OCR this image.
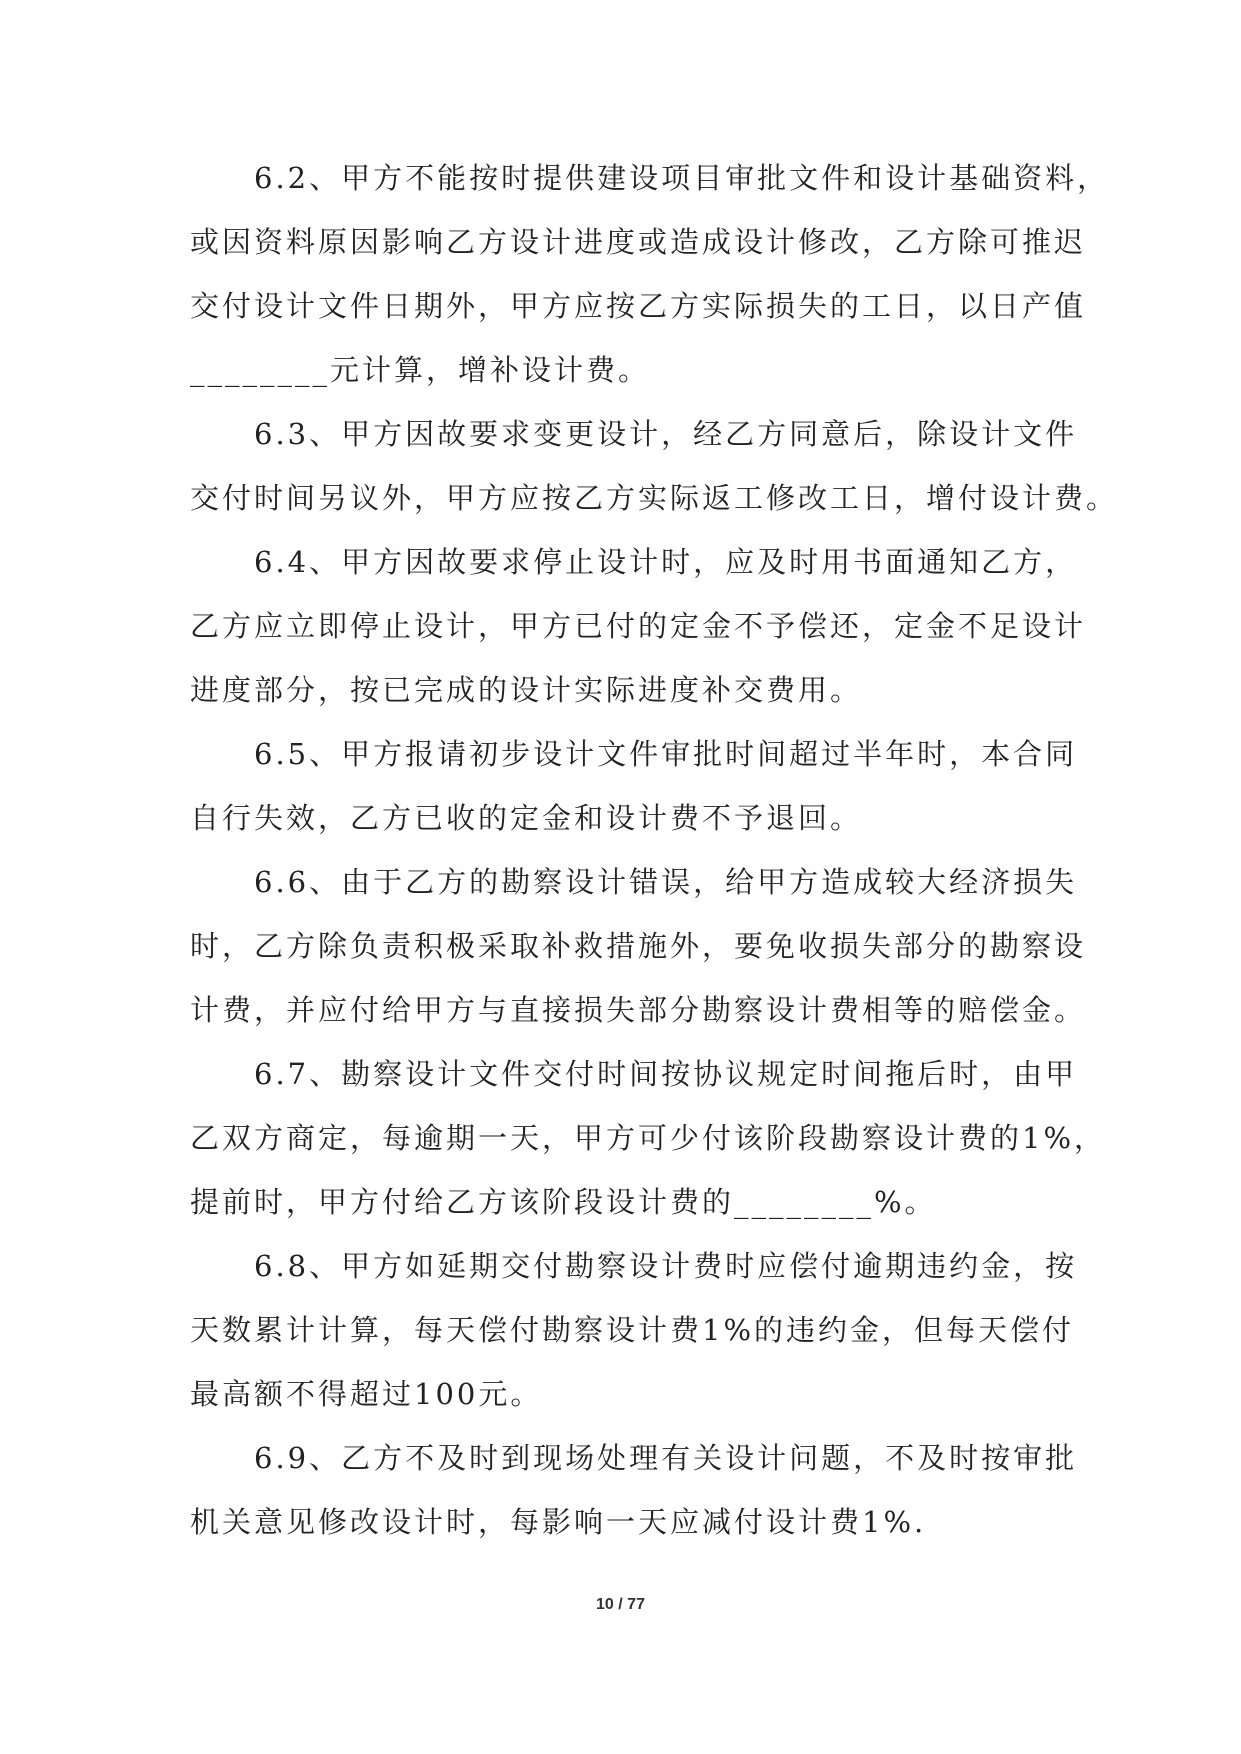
　　6.2、甲方不能按时提供建设项目审批文件和设计基础资料，
或因资料原因影响乙方设计进度或造成设计修改，乙方除可推迟
交付设计文件日期外，甲方应按乙方实际损失的工日，以日产值
________元计算，增补设计费。
　　6.3、甲方因故要求变更设计，经乙方同意后，除设计文件
交付时间另议外，甲方应按乙方实际返工修改工日，增付设计费。
　　6.4、甲方因故要求停止设计时，应及时用书面通知乙方，
乙方应立即停止设计，甲方已付的定金不予偿还，定金不足设计
进度部分，按已完成的设计实际进度补交费用。
　　6.5、甲方报请初步设计文件审批时间超过半年时，本合同
自行失效，乙方已收的定金和设计费不予退回。
　　6.6、由于乙方的勘察设计错误，给甲方造成较大经济损失
时，乙方除负责积极采取补救措施外，要免收损失部分的勘察设
计费，并应付给甲方与直接损失部分勘察设计费相等的赔偿金。
　　6.7、勘察设计文件交付时间按协议规定时间拖后时，由甲
乙双方商定，每逾期一天，甲方可少付该阶段勘察设计费的1%，
提前时，甲方付给乙方该阶段设计费的________%。
　　6.8、甲方如延期交付勘察设计费时应偿付逾期违约金，按
天数累计计算，每天偿付勘察设计费1%的违约金，但每天偿付
最高额不得超过100元。
　　6.9、乙方不及时到现场处理有关设计问题，不及时按审批
机关意见修改设计时，每影响一天应减付设计费1%.
10 / 77
